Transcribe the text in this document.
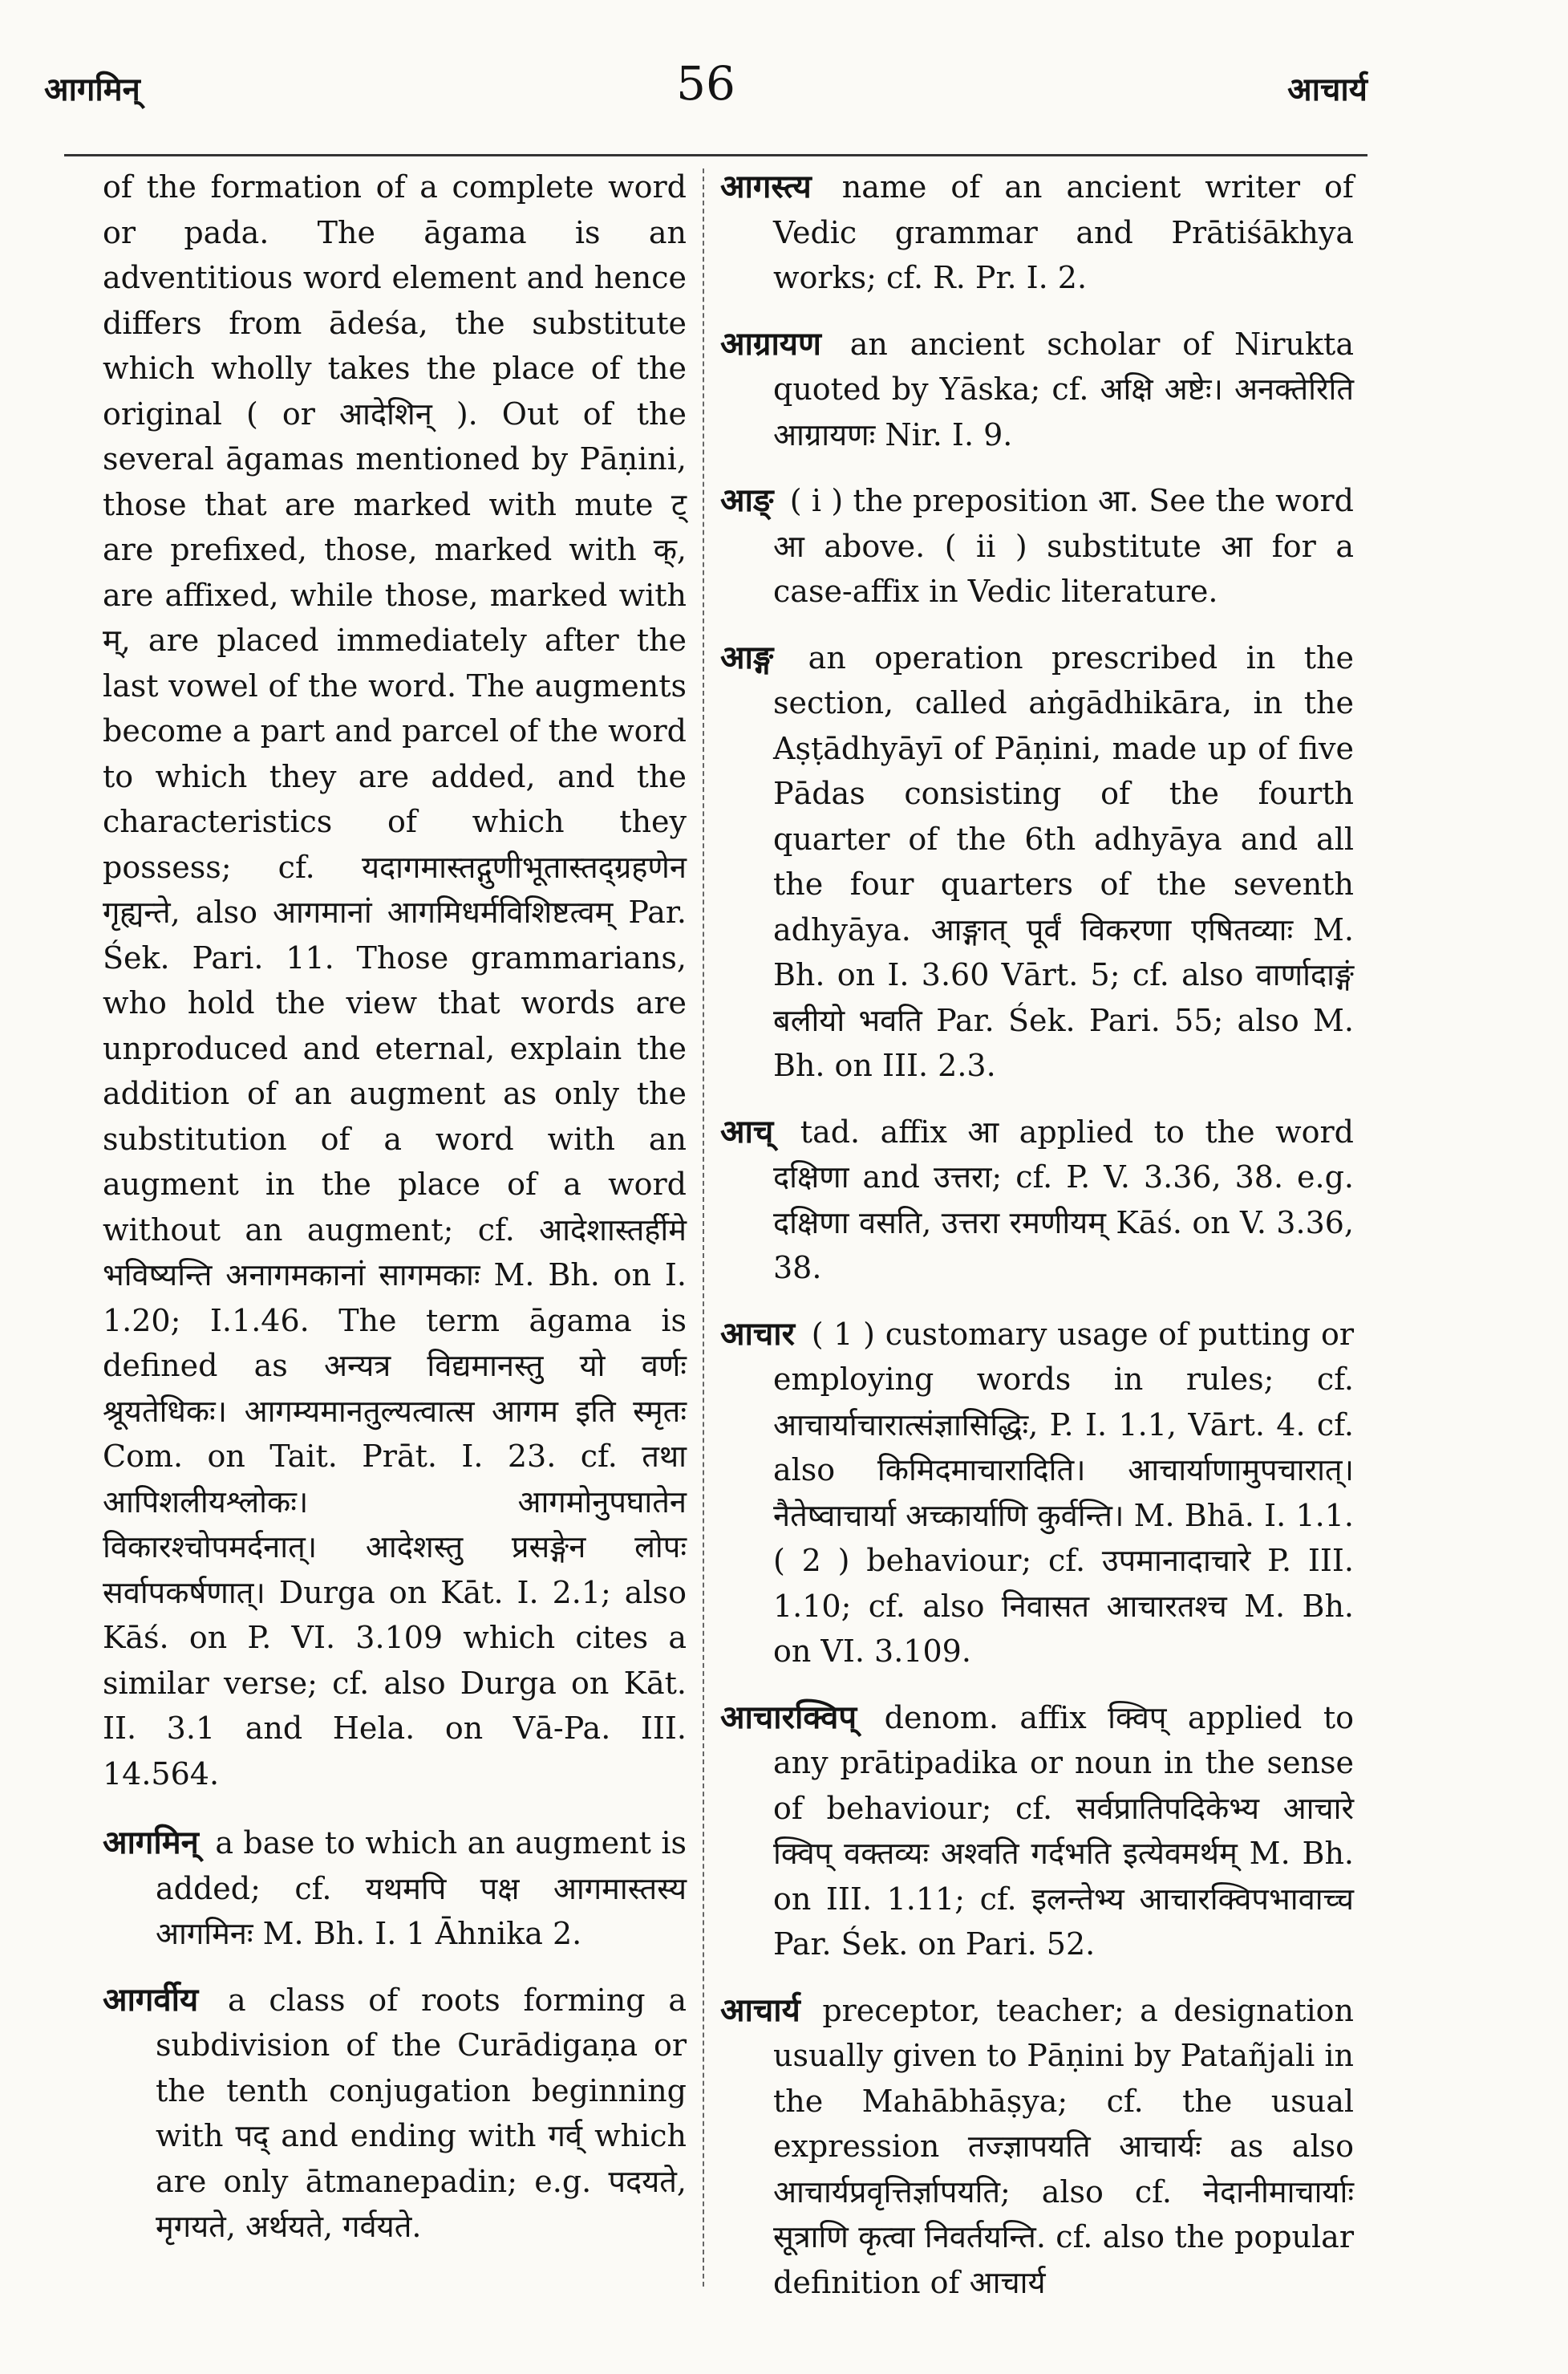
आगमिन्	56	आचार्य

of the formation of a complete word or pada. The āgama is an adventitious word element and hence differs from ādeśa, the substitute which wholly takes the place of the original ( or आदेशिन् ). Out of the several āgamas mentioned by Pāṇini, those that are marked with mute ट् are prefixed, those, marked with क्, are affixed, while those, marked with म्, are placed immediately after the last vowel of the word. The augments become a part and parcel of the word to which they are added, and the characteristics of which they possess; cf. यदागमास्तद्गुणीभूतास्तद्ग्रहणेन गृह्यन्ते, also आगमानां आगमिधर्मविशिष्टत्वम् Par. Śek. Pari. 11. Those grammarians, who hold the view that words are unproduced and eternal, explain the addition of an augment as only the substitution of a word with an augment in the place of a word without an augment; cf. आदेशास्तर्हीमे भविष्यन्ति अनागमकानां सागमकाः M. Bh. on I. 1.20; I.1.46. The term āgama is defined as अन्यत्र विद्यमानस्तु यो वर्णः श्रूयतेधिकः। आगम्यमानतुल्यत्वात्स आगम इति स्मृतः Com. on Tait. Prāt. I. 23. cf. तथा आपिशलीयश्लोकः। आगमोनुपघातेन विकारश्चोपमर्दनात्। आदेशस्तु प्रसङ्गेन लोपः सर्वापकर्षणात्। Durga on Kāt. I. 2.1; also Kāś. on P. VI. 3.109 which cites a similar verse; cf. also Durga on Kāt. II. 3.1 and Hela. on Vā-Pa. III. 14.564.

आगमिन् a base to which an augment is added; cf. यथमपि पक्ष आगमास्तस्य आगमिनः M. Bh. I. 1 Āhnika 2.

आगर्वीय a class of roots forming a subdivision of the Curādigaṇa or the tenth conjugation beginning with पद् and ending with गर्व् which are only ātmanepadin; e.g. पदयते, मृगयते, अर्थयते, गर्वयते.

आगस्त्य name of an ancient writer of Vedic grammar and Prātiśākhya works; cf. R. Pr. I. 2.

आग्रायण an ancient scholar of Nirukta quoted by Yāska; cf. अक्षि अष्टेः। अनक्तेरिति आग्रायणः Nir. I. 9.

आङ् ( i ) the preposition आ. See the word आ above. ( ii ) substitute आ for a case-affix in Vedic literature.

आङ्ग an operation prescribed in the section, called aṅgādhikāra, in the Aṣṭādhyāyī of Pāṇini, made up of five Pādas consisting of the fourth quarter of the 6th adhyāya and all the four quarters of the seventh adhyāya. आङ्गात् पूर्वं विकरणा एषितव्याः M. Bh. on I. 3.60 Vārt. 5; cf. also वार्णादाङ्गं बलीयो भवति Par. Śek. Pari. 55; also M. Bh. on III. 2.3.

आच् tad. affix आ applied to the word दक्षिणा and उत्तरा; cf. P. V. 3.36, 38. e.g. दक्षिणा वसति, उत्तरा रमणीयम् Kāś. on V. 3.36, 38.

आचार ( 1 ) customary usage of putting or employing words in rules; cf. आचार्याचारात्संज्ञासिद्धिः, P. I. 1.1, Vārt. 4. cf. also किमिदमाचारादिति। आचार्याणामुपचारात्। नैतेष्वाचार्या अच्कार्याणि कुर्वन्ति। M. Bhā. I. 1.1. ( 2 ) behaviour; cf. उपमानादाचारे P. III. 1.10; cf. also निवासत आचारतश्च M. Bh. on VI. 3.109.

आचारक्विप् denom. affix क्विप् applied to any prātipadika or noun in the sense of behaviour; cf. सर्वप्रातिपदिकेभ्य आचारे क्विप् वक्तव्यः अश्वति गर्दभति इत्येवमर्थम् M. Bh. on III. 1.11; cf. इलन्तेभ्य आचारक्विपभावाच्च Par. Śek. on Pari. 52.

आचार्य preceptor, teacher; a designation usually given to Pāṇini by Patañjali in the Mahābhāṣya; cf. the usual expression तज्ज्ञापयति आचार्यः as also आचार्यप्रवृत्तिर्ज्ञापयति; also cf. नेदानीमाचार्याः सूत्राणि कृत्वा निवर्तयन्ति. cf. also the popular definition of आचार्य
